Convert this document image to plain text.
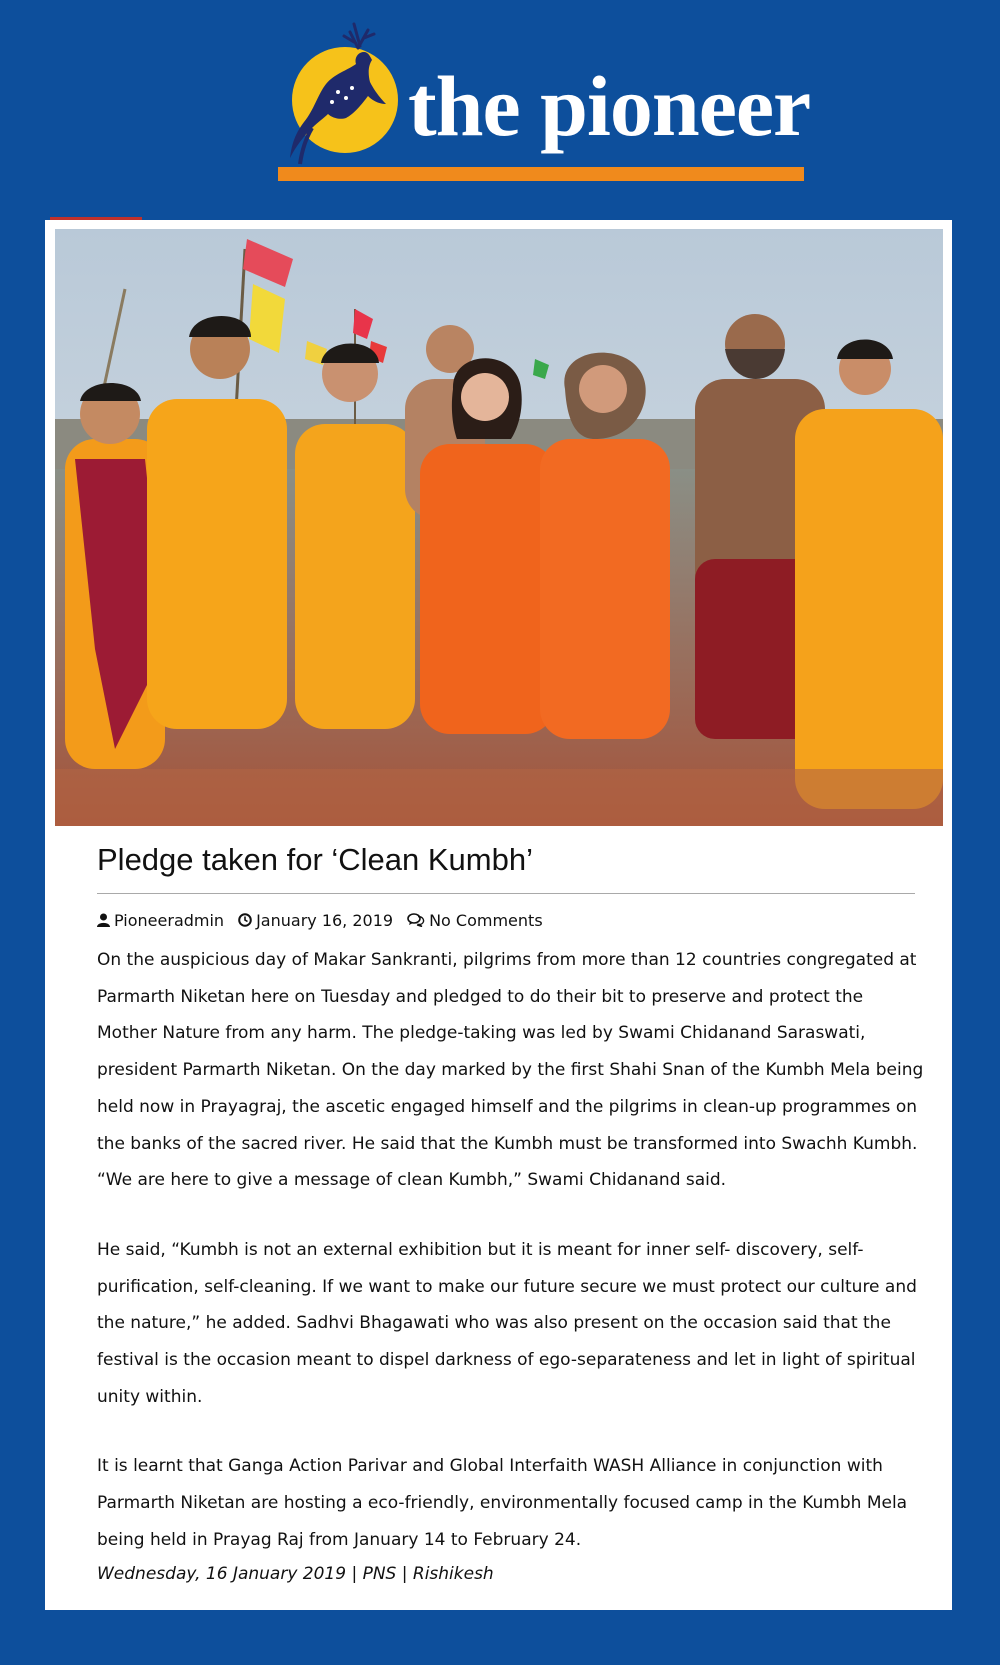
the pioneer
Pledge taken for ‘Clean Kumbh’
Pioneeradmin January 16, 2019 No Comments

On the auspicious day of Makar Sankranti, pilgrims from more than 12 countries congregated at Parmarth Niketan here on Tuesday and pledged to do their bit to preserve and protect the Mother Nature from any harm. The pledge-taking was led by Swami Chidanand Saraswati, president Parmarth Niketan. On the day marked by the first Shahi Snan of the Kumbh Mela being held now in Prayagraj, the ascetic engaged himself and the pilgrims in clean-up programmes on the banks of the sacred river. He said that the Kumbh must be transformed into Swachh Kumbh. “We are here to give a message of clean Kumbh,” Swami Chidanand said.

He said, “Kumbh is not an external exhibition but it is meant for inner self- discovery, self-purification, self-cleaning. If we want to make our future secure we must protect our culture and the nature,” he added. Sadhvi Bhagawati who was also present on the occasion said that the festival is the occasion meant to dispel darkness of ego-separateness and let in light of spiritual unity within.

It is learnt that Ganga Action Parivar and Global Interfaith WASH Alliance in conjunction with Parmarth Niketan are hosting a eco-friendly, environmentally focused camp in the Kumbh Mela being held in Prayag Raj from January 14 to February 24.

Wednesday, 16 January 2019 | PNS | Rishikesh
